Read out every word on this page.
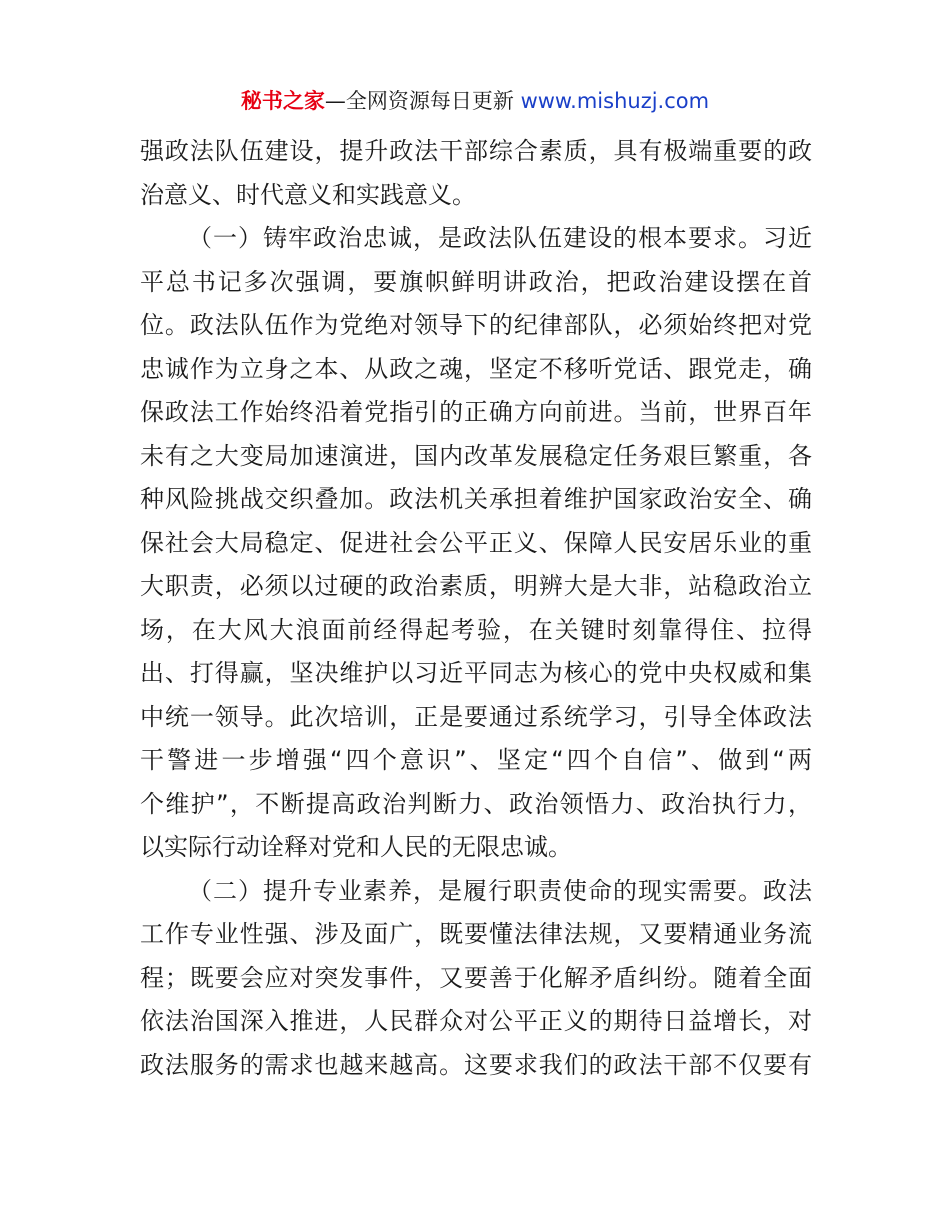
秘书之家—全网资源每日更新 www.mishuzj.com

强政法队伍建设，提升政法干部综合素质，具有极端重要的政
治意义、时代意义和实践意义。

（一）铸牢政治忠诚，是政法队伍建设的根本要求。习近
平总书记多次强调，要旗帜鲜明讲政治，把政治建设摆在首
位。政法队伍作为党绝对领导下的纪律部队，必须始终把对党
忠诚作为立身之本、从政之魂，坚定不移听党话、跟党走，确
保政法工作始终沿着党指引的正确方向前进。当前，世界百年
未有之大变局加速演进，国内改革发展稳定任务艰巨繁重，各
种风险挑战交织叠加。政法机关承担着维护国家政治安全、确
保社会大局稳定、促进社会公平正义、保障人民安居乐业的重
大职责，必须以过硬的政治素质，明辨大是大非，站稳政治立
场，在大风大浪面前经得起考验，在关键时刻靠得住、拉得
出、打得赢，坚决维护以习近平同志为核心的党中央权威和集
中统一领导。此次培训，正是要通过系统学习，引导全体政法
干警进一步增强“四个意识”、坚定“四个自信”、做到“两
个维护”，不断提高政治判断力、政治领悟力、政治执行力，
以实际行动诠释对党和人民的无限忠诚。

（二）提升专业素养，是履行职责使命的现实需要。政法
工作专业性强、涉及面广，既要懂法律法规，又要精通业务流
程；既要会应对突发事件，又要善于化解矛盾纠纷。随着全面
依法治国深入推进，人民群众对公平正义的期待日益增长，对
政法服务的需求也越来越高。这要求我们的政法干部不仅要有
